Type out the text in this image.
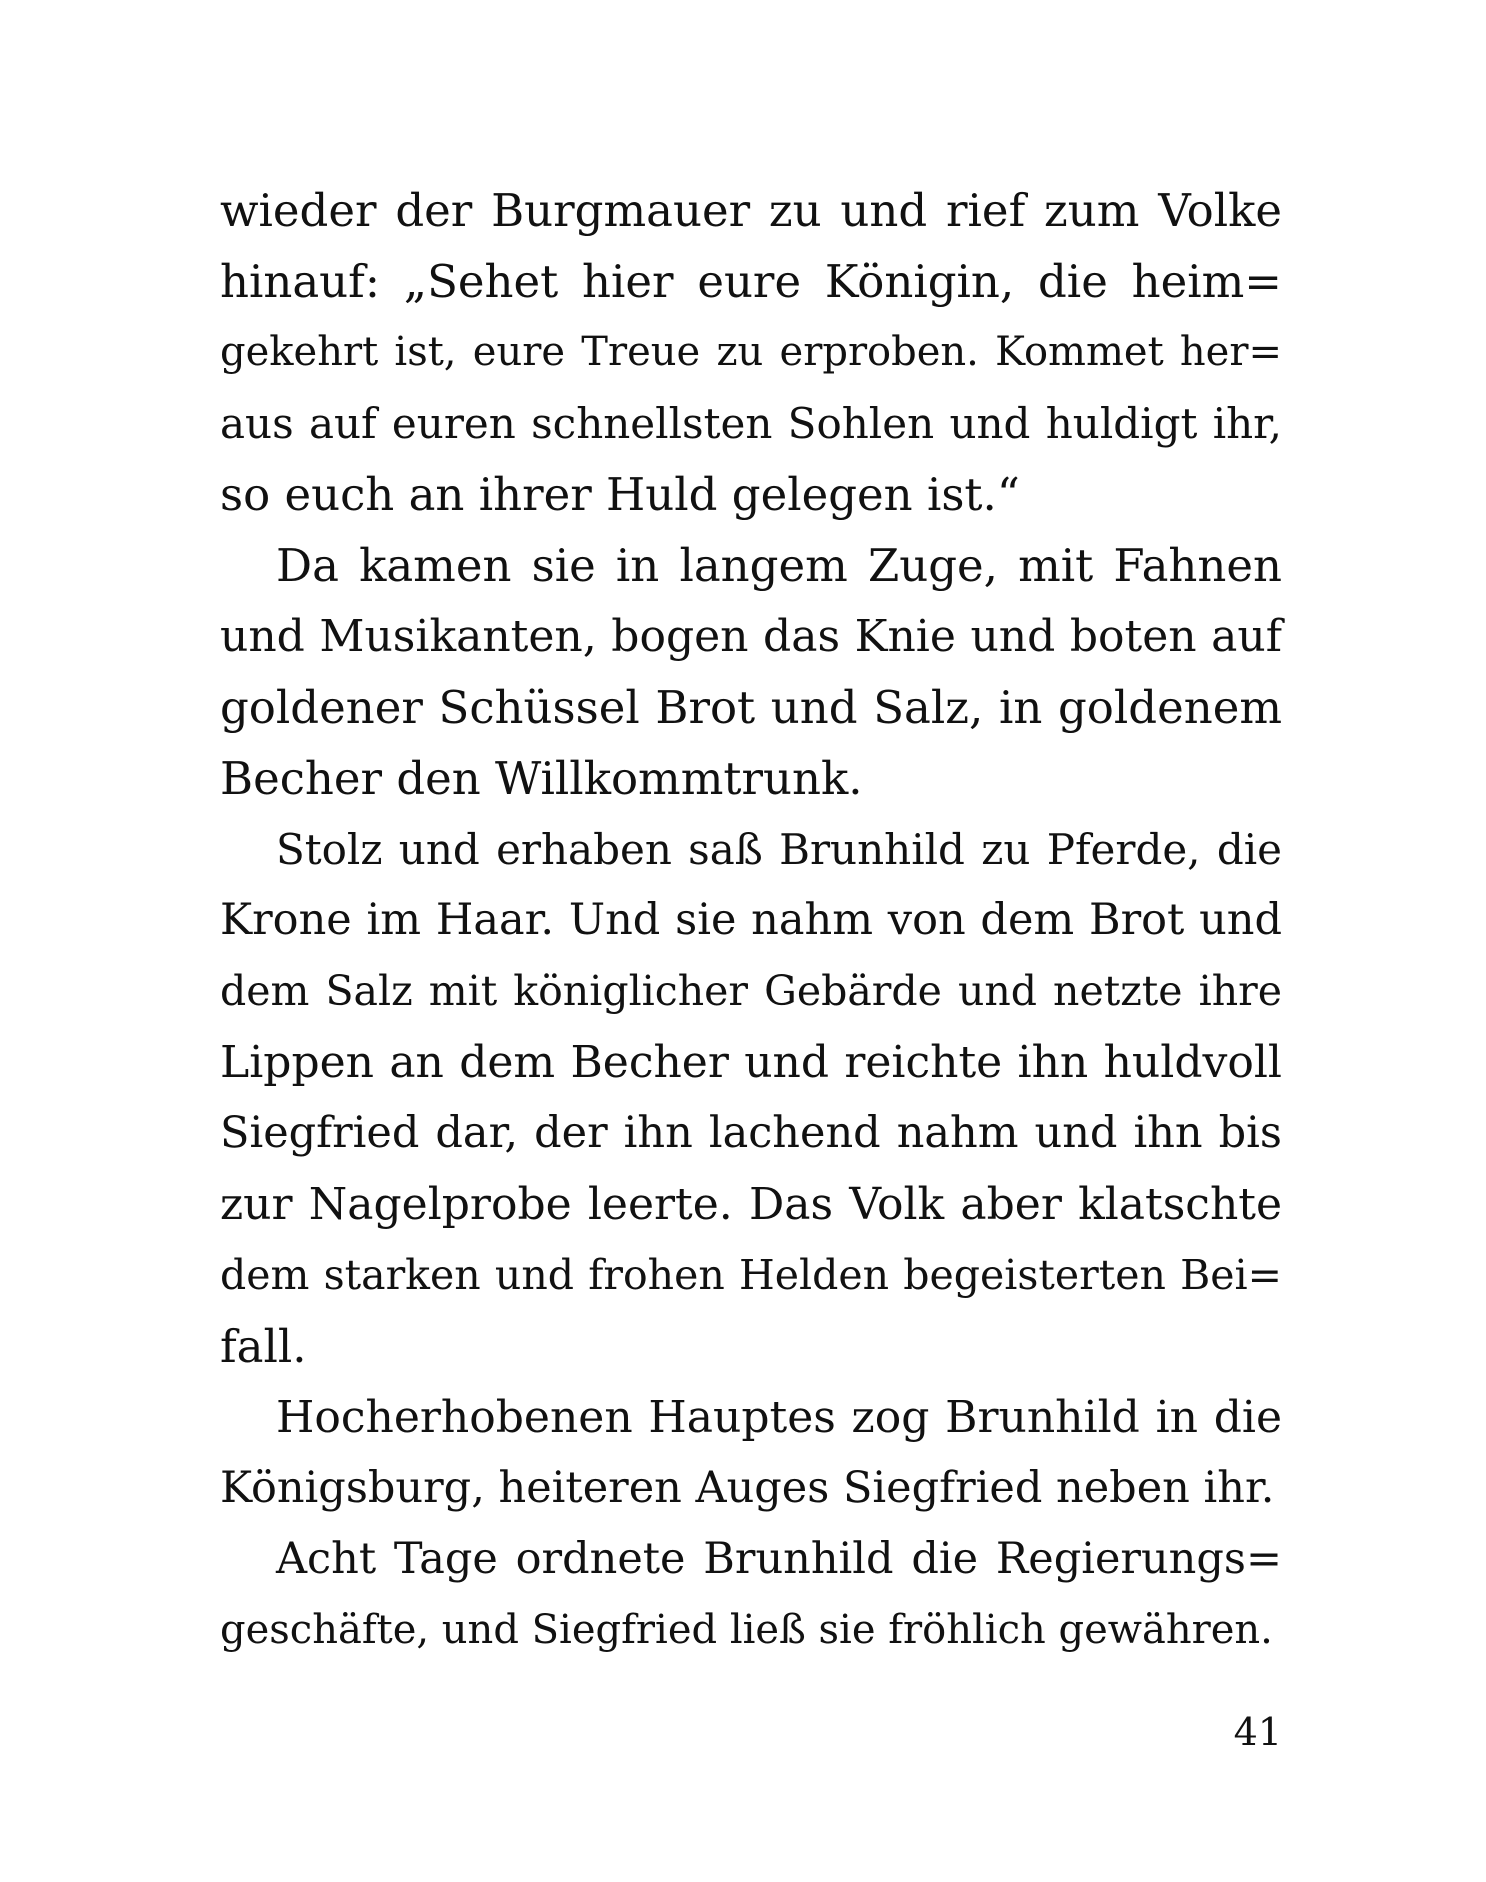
wieder der Burgmauer zu und rief zum Volke
hinauf: „Sehet hier eure Königin, die heim=
gekehrt ist, eure Treue zu erproben. Kommet her=
aus auf euren schnellsten Sohlen und huldigt ihr,
so euch an ihrer Huld gelegen ist.“
Da kamen sie in langem Zuge, mit Fahnen
und Musikanten, bogen das Knie und boten auf
goldener Schüssel Brot und Salz, in goldenem
Becher den Willkommtrunk.
Stolz und erhaben saß Brunhild zu Pferde, die
Krone im Haar. Und sie nahm von dem Brot und
dem Salz mit königlicher Gebärde und netzte ihre
Lippen an dem Becher und reichte ihn huldvoll
Siegfried dar, der ihn lachend nahm und ihn bis
zur Nagelprobe leerte. Das Volk aber klatschte
dem starken und frohen Helden begeisterten Bei=
fall.
Hocherhobenen Hauptes zog Brunhild in die
Königsburg, heiteren Auges Siegfried neben ihr.
Acht Tage ordnete Brunhild die Regierungs=
geschäfte, und Siegfried ließ sie fröhlich gewähren.
41
